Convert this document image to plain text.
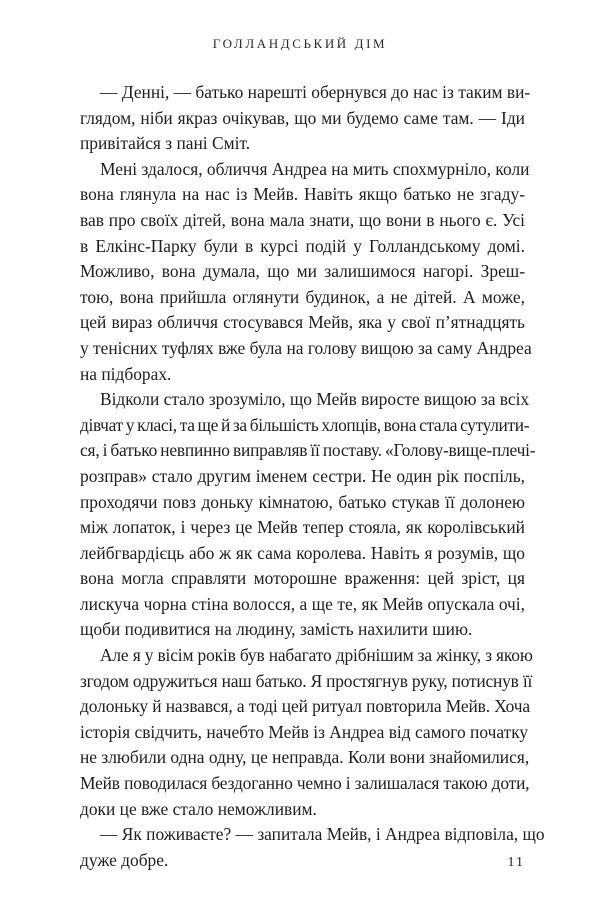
ГОЛЛАНДСЬКИЙ ДІМ
— Денні, — батько нарешті обернувся до нас із таким ви-
глядом, ніби якраз очікував, що ми будемо саме там. — Іди
привітайся з пані Сміт.
Мені здалося, обличчя Андреа на мить спохмурніло, коли
вона глянула на нас із Мейв. Навіть якщо батько не згаду-
вав про своїх дітей, вона мала знати, що вони в нього є. Усі
в Елкінс-Парку були в курсі подій у Голландському домі.
Можливо, вона думала, що ми залишимося нагорі. Зреш-
тою, вона прийшла оглянути будинок, а не дітей. А може,
цей вираз обличчя стосувався Мейв, яка у свої п’ятнадцять
у тенісних туфлях вже була на голову вищою за саму Андреа
на підборах.
Відколи стало зрозуміло, що Мейв виросте вищою за всіх
дівчат у класі, та ще й за більшість хлопців, вона стала сутулити-
ся, і батько невпинно виправляв її поставу. «Голову-вище-плечі-
розправ» стало другим іменем сестри. Не один рік поспіль,
проходячи повз доньку кімнатою, батько стукав її долонею
між лопаток, і через це Мейв тепер стояла, як королівський
лейбгвардієць або ж як сама королева. Навіть я розумів, що
вона могла справляти моторошне враження: цей зріст, ця
лискуча чорна стіна волосся, а ще те, як Мейв опускала очі,
щоби подивитися на людину, замість нахилити шию.
Але я у вісім років був набагато дрібнішим за жінку, з якою
згодом одружиться наш батько. Я простягнув руку, потиснув її
долоньку й назвався, а тоді цей ритуал повторила Мейв. Хоча
історія свідчить, начебто Мейв із Андреа від самого початку
не злюбили одна одну, це неправда. Коли вони знайомилися,
Мейв поводилася бездоганно чемно і залишалася такою доти,
доки це вже стало неможливим.
— Як поживаєте? — запитала Мейв, і Андреа відповіла, що
дуже добре.	11
